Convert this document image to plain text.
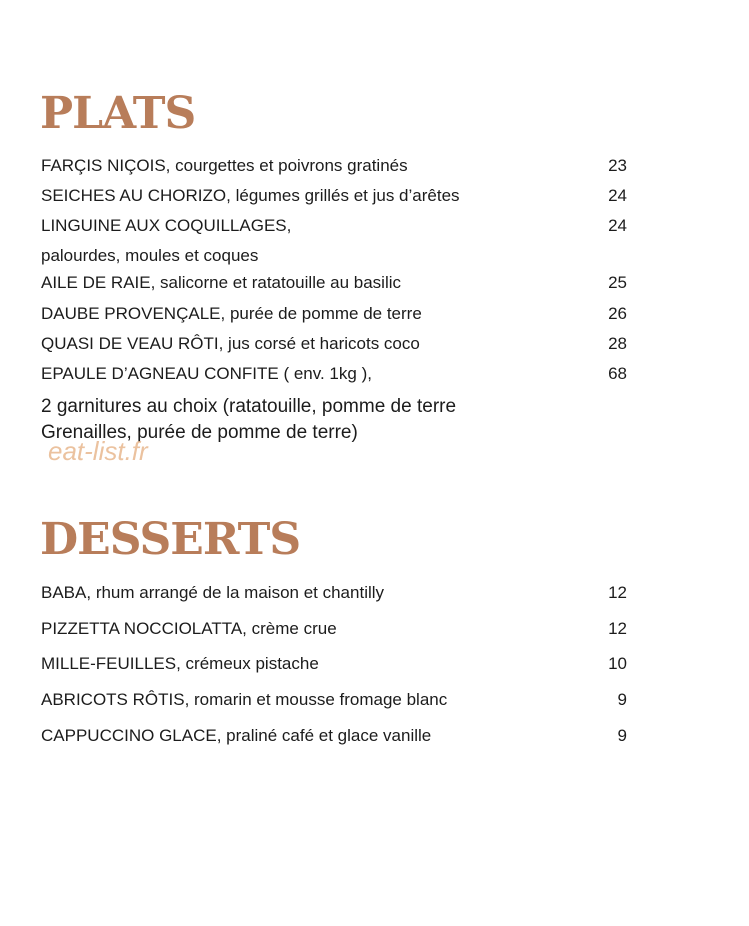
PLATS
FARÇIS NIÇOIS, courgettes et poivrons gratinés	23
SEICHES AU CHORIZO, légumes grillés et jus d’arêtes	24
LINGUINE AUX COQUILLAGES,	24
palourdes, moules et coques
AILE DE RAIE, salicorne et ratatouille au basilic	25
DAUBE PROVENÇALE, purée de pomme de terre	26
QUASI DE VEAU RÔTI, jus corsé et haricots coco	28
EPAULE D’AGNEAU CONFITE ( env. 1kg ),	68
2 garnitures au choix (ratatouille, pomme de terre
Grenailles, purée de pomme de terre)
eat-list.fr
DESSERTS
BABA, rhum arrangé de la maison et chantilly	12
PIZZETTA NOCCIOLATTA, crème crue	12
MILLE-FEUILLES, crémeux pistache	10
ABRICOTS RÔTIS, romarin et mousse fromage blanc	9
CAPPUCCINO GLACE, praliné café et glace vanille	9
